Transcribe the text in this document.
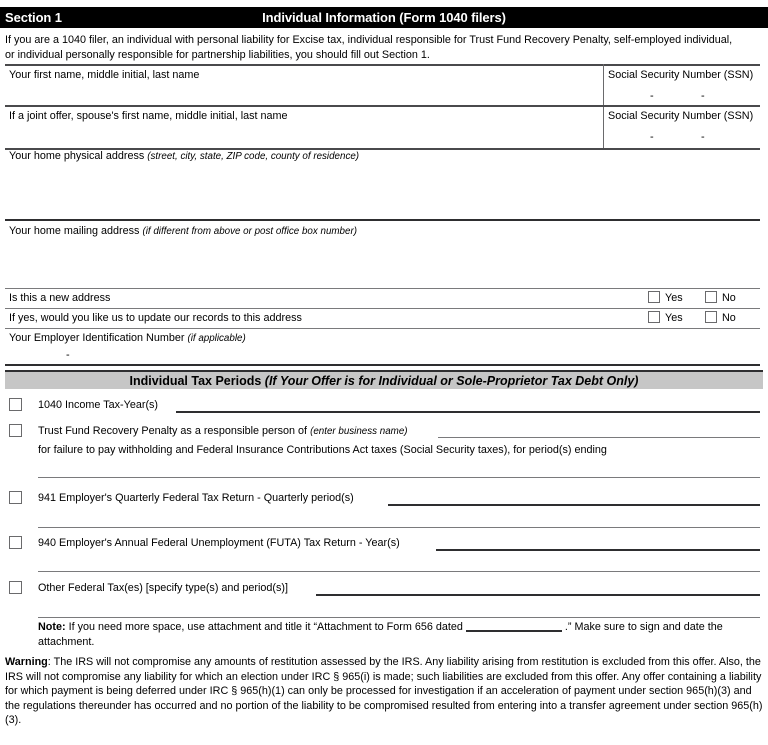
Section 1	Individual Information (Form 1040 filers)
If you are a 1040 filer, an individual with personal liability for Excise tax, individual responsible for Trust Fund Recovery Penalty, self-employed individual, or individual personally responsible for partnership liabilities, you should fill out Section 1.
Your first name, middle initial, last name	Social Security Number (SSN)
-	-
If a joint offer, spouse's first name, middle initial, last name	Social Security Number (SSN)
-	-
Your home physical address (street, city, state, ZIP code, county of residence)
Your home mailing address (if different from above or post office box number)
Is this a new address	Yes	No
If yes, would you like us to update our records to this address	Yes	No
Your Employer Identification Number (if applicable)
-
Individual Tax Periods (If Your Offer is for Individual or Sole-Proprietor Tax Debt Only)
1040 Income Tax-Year(s)
Trust Fund Recovery Penalty as a responsible person of (enter business name)
for failure to pay withholding and Federal Insurance Contributions Act taxes (Social Security taxes), for period(s) ending
941 Employer's Quarterly Federal Tax Return - Quarterly period(s)
940 Employer's Annual Federal Unemployment (FUTA) Tax Return - Year(s)
Other Federal Tax(es) [specify type(s) and period(s)]
Note: If you need more space, use attachment and title it “Attachment to Form 656 dated	.” Make sure to sign and date the attachment.
Warning: The IRS will not compromise any amounts of restitution assessed by the IRS. Any liability arising from restitution is excluded from this offer. Also, the IRS will not compromise any liability for which an election under IRC § 965(i) is made; such liabilities are excluded from this offer. Any offer containing a liability for which payment is being deferred under IRC § 965(h)(1) can only be processed for investigation if an acceleration of payment under section 965(h)(3) and the regulations thereunder has occurred and no portion of the liability to be compromised resulted from entering into a transfer agreement under section 965(h)(3).
